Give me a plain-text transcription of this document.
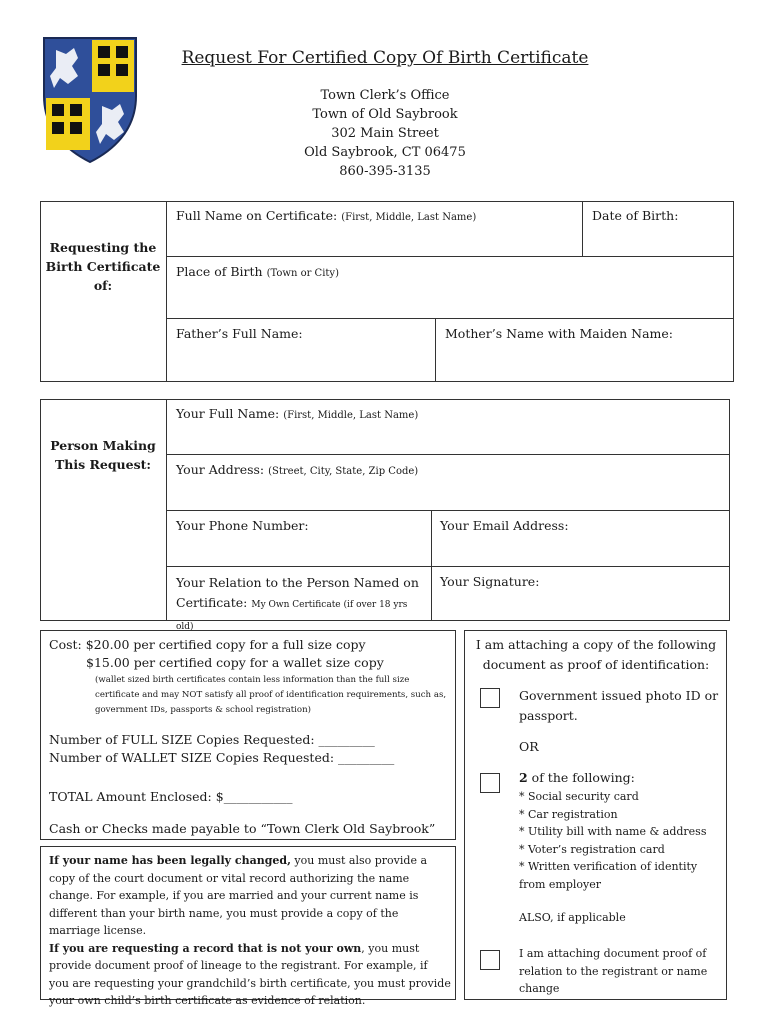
Request For Certified Copy Of Birth Certificate
Town Clerk’s Office
Town of Old Saybrook
302 Main Street
Old Saybrook, CT 06475
860-395-3135
Requesting the Birth Certificate of:
Full Name on Certificate: (First, Middle, Last Name)	Date of Birth:
Place of Birth (Town or City)
Father’s Full Name:	Mother’s Name with Maiden Name:
Person Making This Request:
Your Full Name: (First, Middle, Last Name)
Your Address: (Street, City, State, Zip Code)
Your Phone Number:	Your Email Address:
Your Relation to the Person Named on
Certificate: My Own Certificate (if over 18 yrs old)
Your Signature:
Cost: $20.00 per certified copy for a full size copy
$15.00 per certified copy for a wallet size copy
(wallet sized birth certificates contain less information than the full size certificate and may NOT satisfy all proof of identification requirements, such as, government IDs, passports & school registration)
Number of FULL SIZE Copies Requested: _________
Number of WALLET SIZE Copies Requested: _________
TOTAL Amount Enclosed: $___________
Cash or Checks made payable to “Town Clerk Old Saybrook”

If your name has been legally changed, you must also provide a copy of the court document or vital record authorizing the name change. For example, if you are married and your current name is different than your birth name, you must provide a copy of the marriage license.

If you are requesting a record that is not your own, you must provide document proof of lineage to the registrant. For example, if you are requesting your grandchild’s birth certificate, you must provide your own child’s birth certificate as evidence of relation.

I am attaching a copy of the following document as proof of identification:
Government issued photo ID or passport.
OR
2 of the following:
* Social security card
* Car registration
* Utility bill with name & address
* Voter’s registration card
* Written verification of identity from employer
ALSO, if applicable
I am attaching document proof of relation to the registrant or name change
